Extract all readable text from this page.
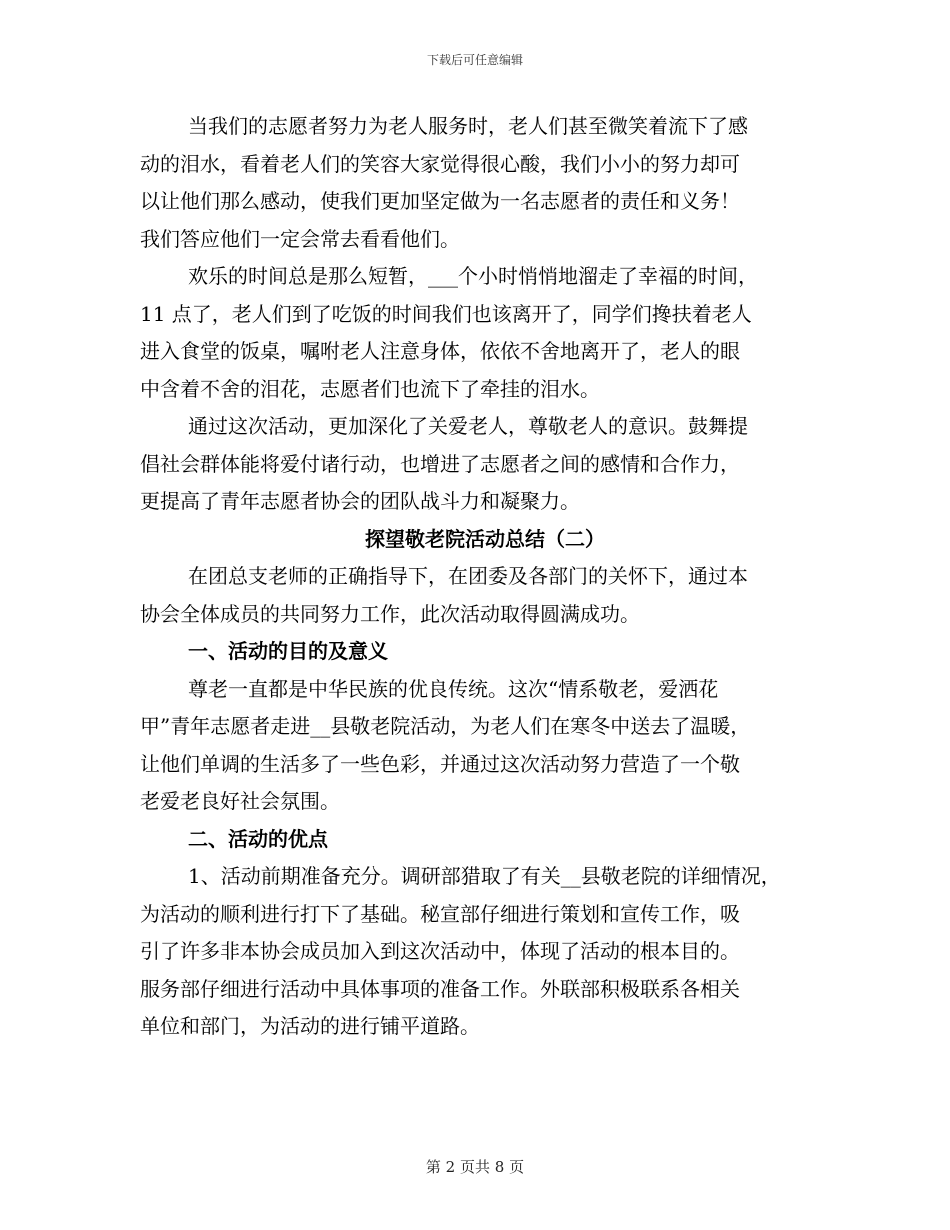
下载后可任意编辑
当我们的志愿者努力为老人服务时，老人们甚至微笑着流下了感
动的泪水，看着老人们的笑容大家觉得很心酸，我们小小的努力却可
以让他们那么感动，使我们更加坚定做为一名志愿者的责任和义务！
我们答应他们一定会常去看看他们。
欢乐的时间总是那么短暂，___个小时悄悄地溜走了幸福的时间，
11 点了，老人们到了吃饭的时间我们也该离开了，同学们搀扶着老人
进入食堂的饭桌，嘱咐老人注意身体，依依不舍地离开了，老人的眼
中含着不舍的泪花，志愿者们也流下了牵挂的泪水。
通过这次活动，更加深化了关爱老人，尊敬老人的意识。鼓舞提
倡社会群体能将爱付诸行动，也增进了志愿者之间的感情和合作力，
更提高了青年志愿者协会的团队战斗力和凝聚力。
探望敬老院活动总结（二）
在团总支老师的正确指导下，在团委及各部门的关怀下，通过本
协会全体成员的共同努力工作，此次活动取得圆满成功。
一、活动的目的及意义
尊老一直都是中华民族的优良传统。这次“情系敬老，爱洒花
甲”青年志愿者走进__县敬老院活动，为老人们在寒冬中送去了温暖，
让他们单调的生活多了一些色彩，并通过这次活动努力营造了一个敬
老爱老良好社会氛围。
二、活动的优点
1、活动前期准备充分。调研部猎取了有关__县敬老院的详细情况，
为活动的顺利进行打下了基础。秘宣部仔细进行策划和宣传工作，吸
引了许多非本协会成员加入到这次活动中，体现了活动的根本目的。
服务部仔细进行活动中具体事项的准备工作。外联部积极联系各相关
单位和部门，为活动的进行铺平道路。
第 2 页共 8 页
